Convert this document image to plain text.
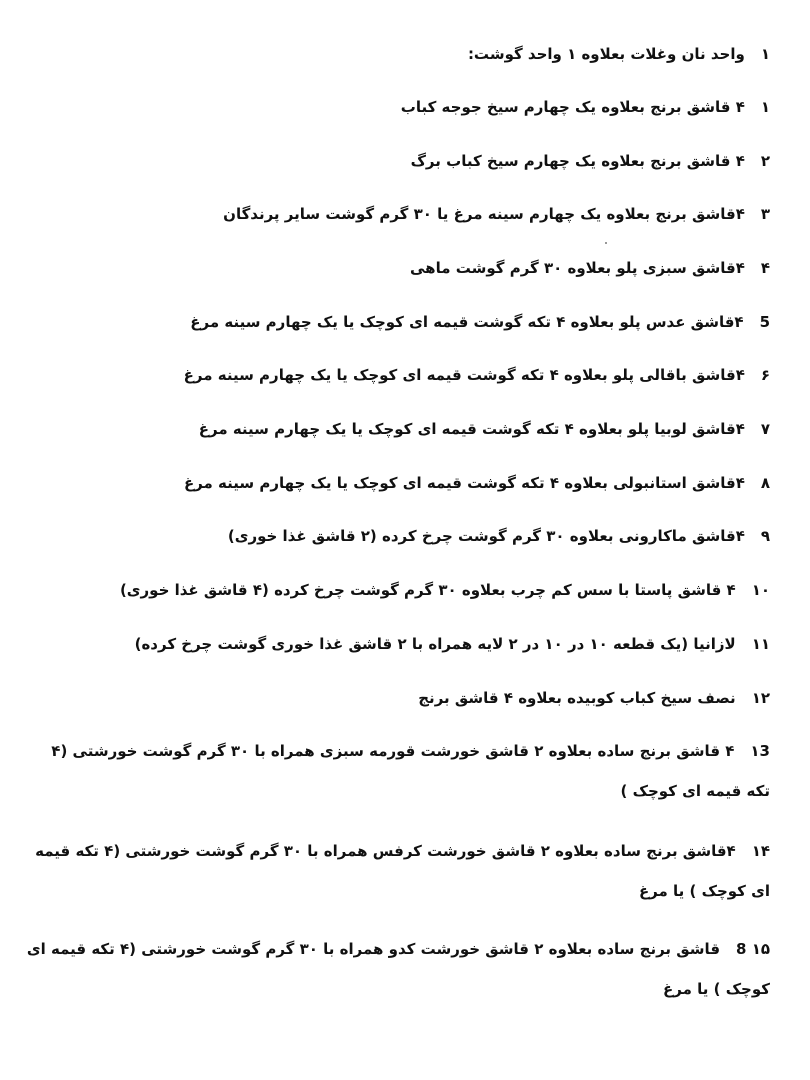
۱واحد نان وغلات بعلاوه ۱ واحد گوشت:
۱۴ قاشق برنج بعلاوه یک چهارم سیخ جوجه کباب
۲۴ قاشق برنج بعلاوه یک چهارم سیخ کباب برگ
۳۴قاشق برنج بعلاوه یک چهارم سینه مرغ یا ۳۰ گرم گوشت سایر پرندگان
۴۴قاشق سبزی پلو بعلاوه ۳۰ گرم گوشت ماهی
5۴قاشق عدس پلو بعلاوه ۴ تکه گوشت قیمه ای کوچک یا یک چهارم سینه مرغ
۶۴قاشق باقالی پلو بعلاوه ۴ تکه گوشت قیمه ای کوچک یا یک چهارم سینه مرغ
۷۴قاشق لوبیا پلو بعلاوه ۴ تکه گوشت قیمه ای کوچک یا یک چهارم سینه مرغ
۸۴قاشق استانبولی بعلاوه ۴ تکه گوشت قیمه ای کوچک یا یک چهارم سینه مرغ
۹۴قاشق ماکارونی بعلاوه ۳۰ گرم گوشت چرخ کرده (۲ قاشق غذا خوری)
۱۰۴ قاشق پاستا با سس کم چرب بعلاوه ۳۰ گرم گوشت چرخ کرده (۴ قاشق غذا خوری)
۱۱لازانیا (یک قطعه ۱۰ در ۱۰ در ۲ لایه همراه با ۲ قاشق غذا خوری گوشت چرخ کرده)
۱۲نصف سیخ کباب کوبیده بعلاوه ۴ قاشق برنج
۱3۴ قاشق برنج ساده بعلاوه ۲ قاشق خورشت قورمه سبزی همراه با ۳۰ گرم گوشت خورشتی (۴ تکه قیمه ای کوچک )
۱۴۴قاشق برنج ساده بعلاوه ۲ قاشق خورشت کرفس همراه با ۳۰ گرم گوشت خورشتی (۴ تکه قیمه ای کوچک ) یا مرغ
۱۵ 8قاشق برنج ساده بعلاوه ۲ قاشق خورشت کدو همراه با ۳۰ گرم گوشت خورشتی (۴ تکه قیمه ای کوچک ) یا مرغ
